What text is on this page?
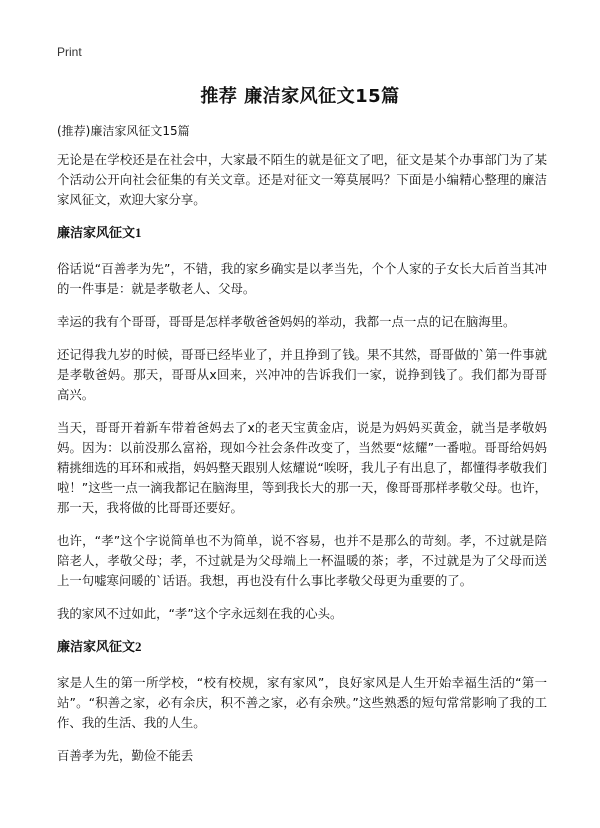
Print
推荐 廉洁家风征文15篇
(推荐)廉洁家风征文15篇

无论是在学校还是在社会中，大家最不陌生的就是征文了吧，征文是某个办事部门为了某个活动公开向社会征集的有关文章。还是对征文一筹莫展吗？下面是小编精心整理的廉洁家风征文，欢迎大家分享。

廉洁家风征文1

俗话说“百善孝为先”，不错，我的家乡确实是以孝当先，个个人家的子女长大后首当其冲的一件事是：就是孝敬老人、父母。

幸运的我有个哥哥，哥哥是怎样孝敬爸爸妈妈的举动，我都一点一点的记在脑海里。

还记得我九岁的时候，哥哥已经毕业了，并且挣到了钱。果不其然，哥哥做的`第一件事就是孝敬爸妈。那天，哥哥从x回来，兴冲冲的告诉我们一家，说挣到钱了。我们都为哥哥高兴。

当天，哥哥开着新车带着爸妈去了x的老天宝黄金店，说是为妈妈买黄金，就当是孝敬妈妈。因为：以前没那么富裕，现如今社会条件改变了，当然要“炫耀”一番啦。哥哥给妈妈精挑细选的耳环和戒指，妈妈整天跟别人炫耀说“唉呀，我儿子有出息了，都懂得孝敬我们啦！”这些一点一滴我都记在脑海里，等到我长大的那一天，像哥哥那样孝敬父母。也许，那一天，我将做的比哥哥还要好。

也许，“孝”这个字说简单也不为简单，说不容易，也并不是那么的苛刻。孝，不过就是陪陪老人，孝敬父母；孝，不过就是为父母端上一杯温暖的茶；孝，不过就是为了父母而送上一句嘘寒问暖的`话语。我想，再也没有什么事比孝敬父母更为重要的了。

我的家风不过如此，“孝”这个字永远刻在我的心头。

廉洁家风征文2

家是人生的第一所学校，“校有校规，家有家风”，良好家风是人生开始幸福生活的“第一站”。“积善之家，必有余庆，积不善之家，必有余殃。”这些熟悉的短句常常影响了我的工作、我的生活、我的人生。

百善孝为先，勤俭不能丢
